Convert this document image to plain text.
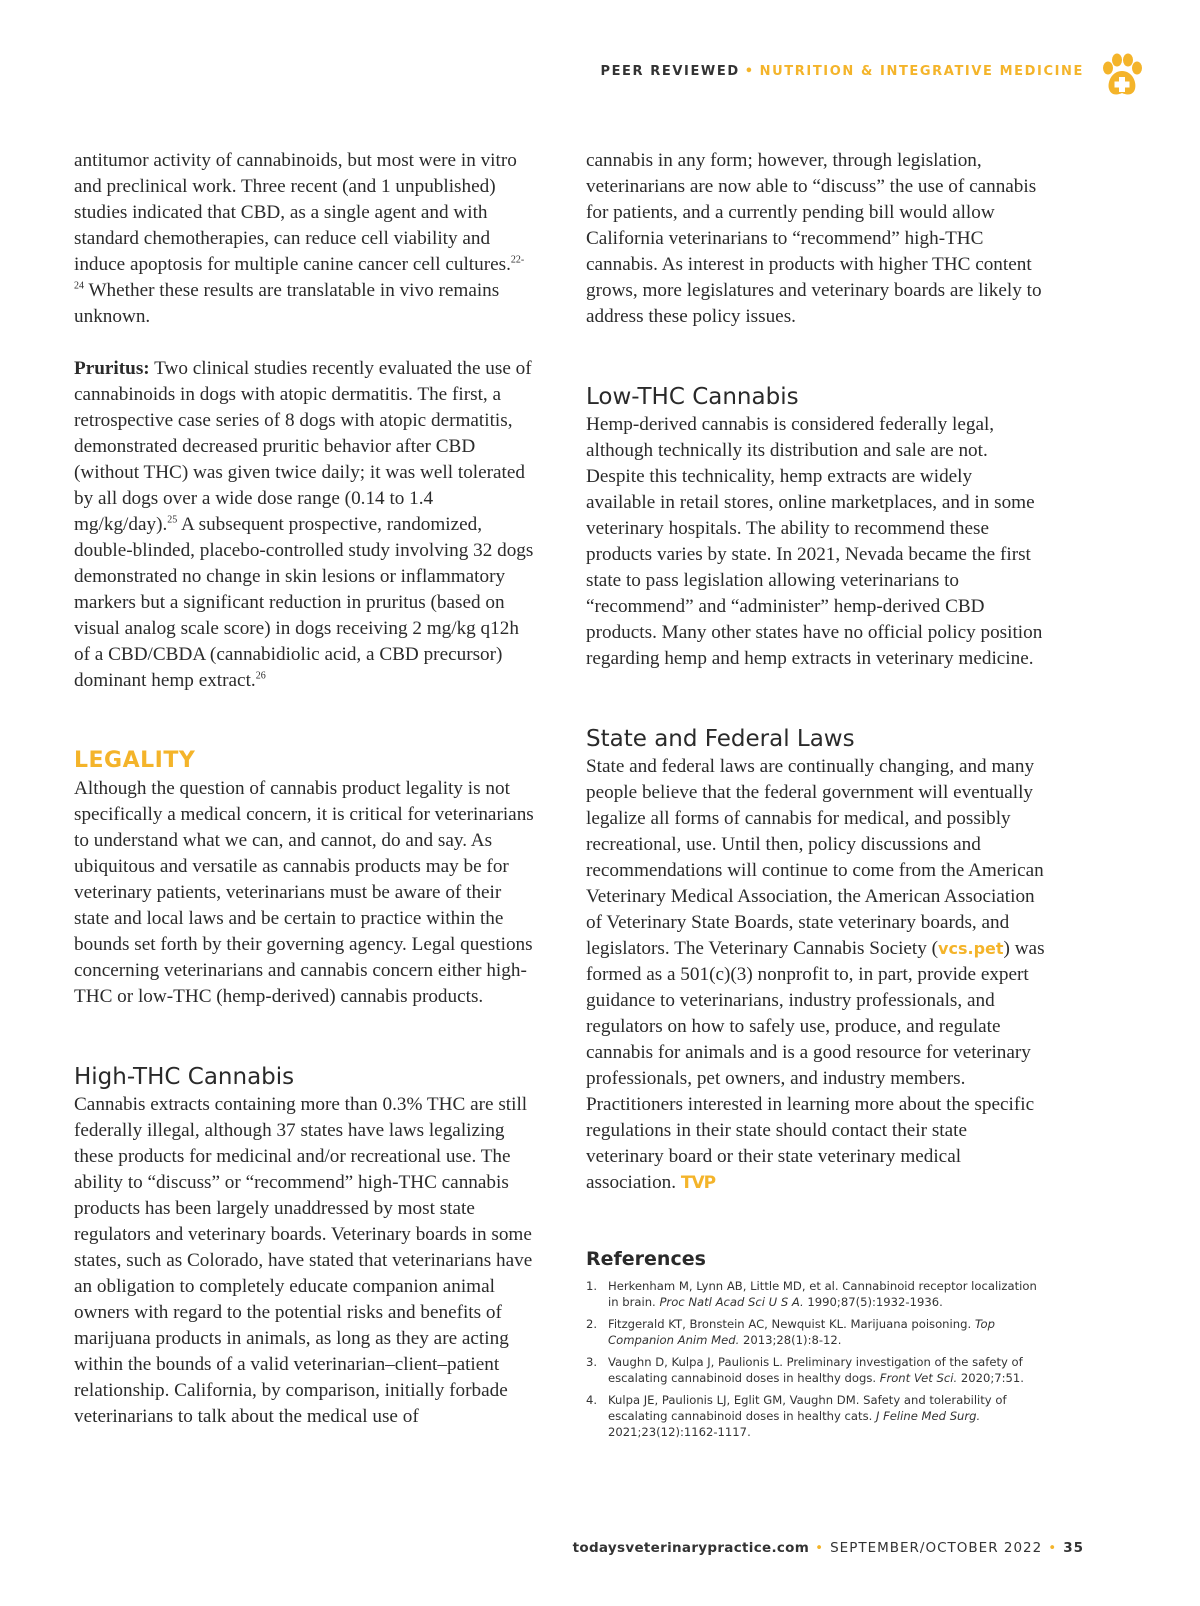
PEER REVIEWED • NUTRITION & INTEGRATIVE MEDICINE

antitumor activity of cannabinoids, but most were in vitro and preclinical work. Three recent (and 1 unpublished) studies indicated that CBD, as a single agent and with standard chemotherapies, can reduce cell viability and induce apoptosis for multiple canine cancer cell cultures.$^{22-24}$ Whether these results are translatable in vivo remains unknown.

Pruritus: Two clinical studies recently evaluated the use of cannabinoids in dogs with atopic dermatitis. The first, a retrospective case series of 8 dogs with atopic dermatitis, demonstrated decreased pruritic behavior after CBD (without THC) was given twice daily; it was well tolerated by all dogs over a wide dose range (0.14 to 1.4 mg/kg/day).$^{25}$ A subsequent prospective, randomized, double-blinded, placebo-controlled study involving 32 dogs demonstrated no change in skin lesions or inflammatory markers but a significant reduction in pruritus (based on visual analog scale score) in dogs receiving 2 mg/kg q12h of a CBD/CBDA (cannabidiolic acid, a CBD precursor) dominant hemp extract.$^{26}$

LEGALITY

Although the question of cannabis product legality is not specifically a medical concern, it is critical for veterinarians to understand what we can, and cannot, do and say. As ubiquitous and versatile as cannabis products may be for veterinary patients, veterinarians must be aware of their state and local laws and be certain to practice within the bounds set forth by their governing agency. Legal questions concerning veterinarians and cannabis concern either high-THC or low-THC (hemp-derived) cannabis products.

High-THC Cannabis

Cannabis extracts containing more than 0.3% THC are still federally illegal, although 37 states have laws legalizing these products for medicinal and/or recreational use. The ability to “discuss” or “recommend” high-THC cannabis products has been largely unaddressed by most state regulators and veterinary boards. Veterinary boards in some states, such as Colorado, have stated that veterinarians have an obligation to completely educate companion animal owners with regard to the potential risks and benefits of marijuana products in animals, as long as they are acting within the bounds of a valid veterinarian–client–patient relationship. California, by comparison, initially forbade veterinarians to talk about the medical use of

cannabis in any form; however, through legislation, veterinarians are now able to “discuss” the use of cannabis for patients, and a currently pending bill would allow California veterinarians to “recommend” high-THC cannabis. As interest in products with higher THC content grows, more legislatures and veterinary boards are likely to address these policy issues.

Low-THC Cannabis

Hemp-derived cannabis is considered federally legal, although technically its distribution and sale are not. Despite this technicality, hemp extracts are widely available in retail stores, online marketplaces, and in some veterinary hospitals. The ability to recommend these products varies by state. In 2021, Nevada became the first state to pass legislation allowing veterinarians to “recommend” and “administer” hemp-derived CBD products. Many other states have no official policy position regarding hemp and hemp extracts in veterinary medicine.

State and Federal Laws

State and federal laws are continually changing, and many people believe that the federal government will eventually legalize all forms of cannabis for medical, and possibly recreational, use. Until then, policy discussions and recommendations will continue to come from the American Veterinary Medical Association, the American Association of Veterinary State Boards, state veterinary boards, and legislators. The Veterinary Cannabis Society (vcs.pet) was formed as a 501(c)(3) nonprofit to, in part, provide expert guidance to veterinarians, industry professionals, and regulators on how to safely use, produce, and regulate cannabis for animals and is a good resource for veterinary professionals, pet owners, and industry members. Practitioners interested in learning more about the specific regulations in their state should contact their state veterinary board or their state veterinary medical association. TVP

References
1. Herkenham M, Lynn AB, Little MD, et al. Cannabinoid receptor localization in brain. Proc Natl Acad Sci U S A. 1990;87(5):1932-1936.
2. Fitzgerald KT, Bronstein AC, Newquist KL. Marijuana poisoning. Top Companion Anim Med. 2013;28(1):8-12.
3. Vaughn D, Kulpa J, Paulionis L. Preliminary investigation of the safety of escalating cannabinoid doses in healthy dogs. Front Vet Sci. 2020;7:51.
4. Kulpa JE, Paulionis LJ, Eglit GM, Vaughn DM. Safety and tolerability of escalating cannabinoid doses in healthy cats. J Feline Med Surg. 2021;23(12):1162-1117.
todaysveterinarypractice.com • SEPTEMBER/OCTOBER 2022 • 35
